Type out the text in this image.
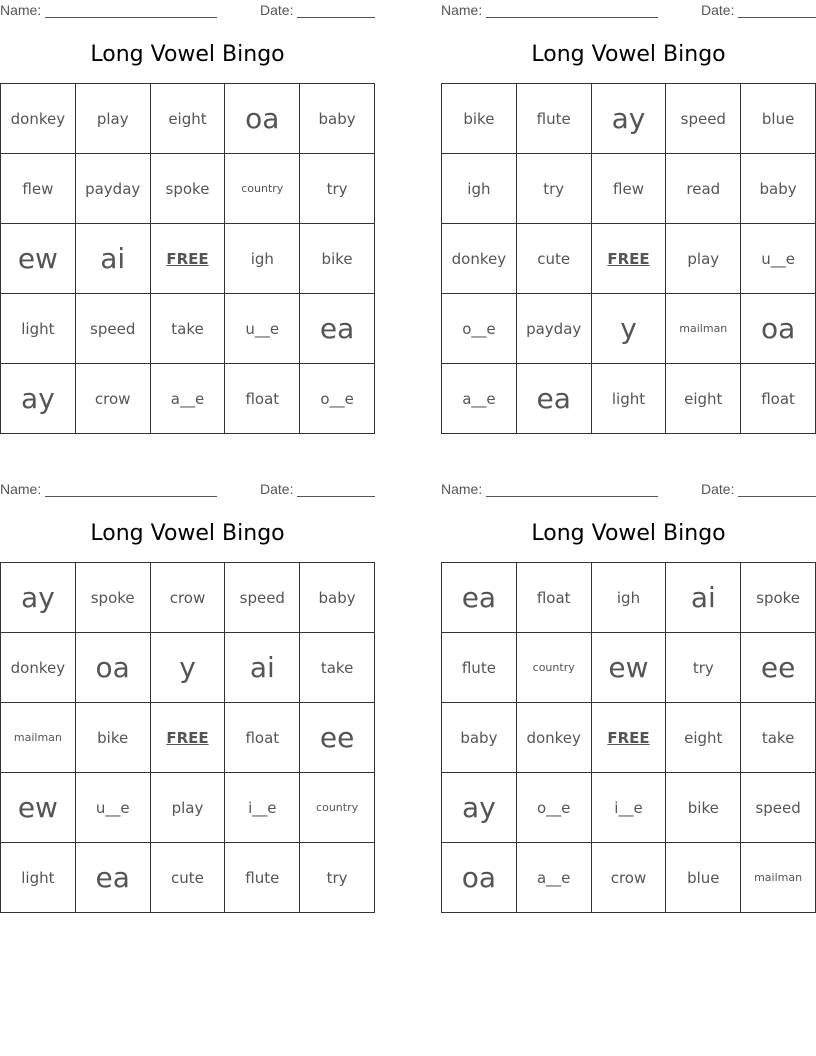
Name:	Date:
Long Vowel Bingo
donkey	play	eight	oa	baby
flew	payday	spoke	country	try
ew	ai	FREE	igh	bike
light	speed	take	u__e	ea
ay	crow	a__e	float	o__e
Name:	Date:
Long Vowel Bingo
bike	flute	ay	speed	blue
igh	try	flew	read	baby
donkey	cute	FREE	play	u__e
o__e	payday	y	mailman	oa
a__e	ea	light	eight	float
Name:	Date:
Long Vowel Bingo
ay	spoke	crow	speed	baby
donkey	oa	y	ai	take
mailman	bike	FREE	float	ee
ew	u__e	play	i__e	country
light	ea	cute	flute	try
Name:	Date:
Long Vowel Bingo
ea	float	igh	ai	spoke
flute	country	ew	try	ee
baby	donkey	FREE	eight	take
ay	o__e	i__e	bike	speed
oa	a__e	crow	blue	mailman
